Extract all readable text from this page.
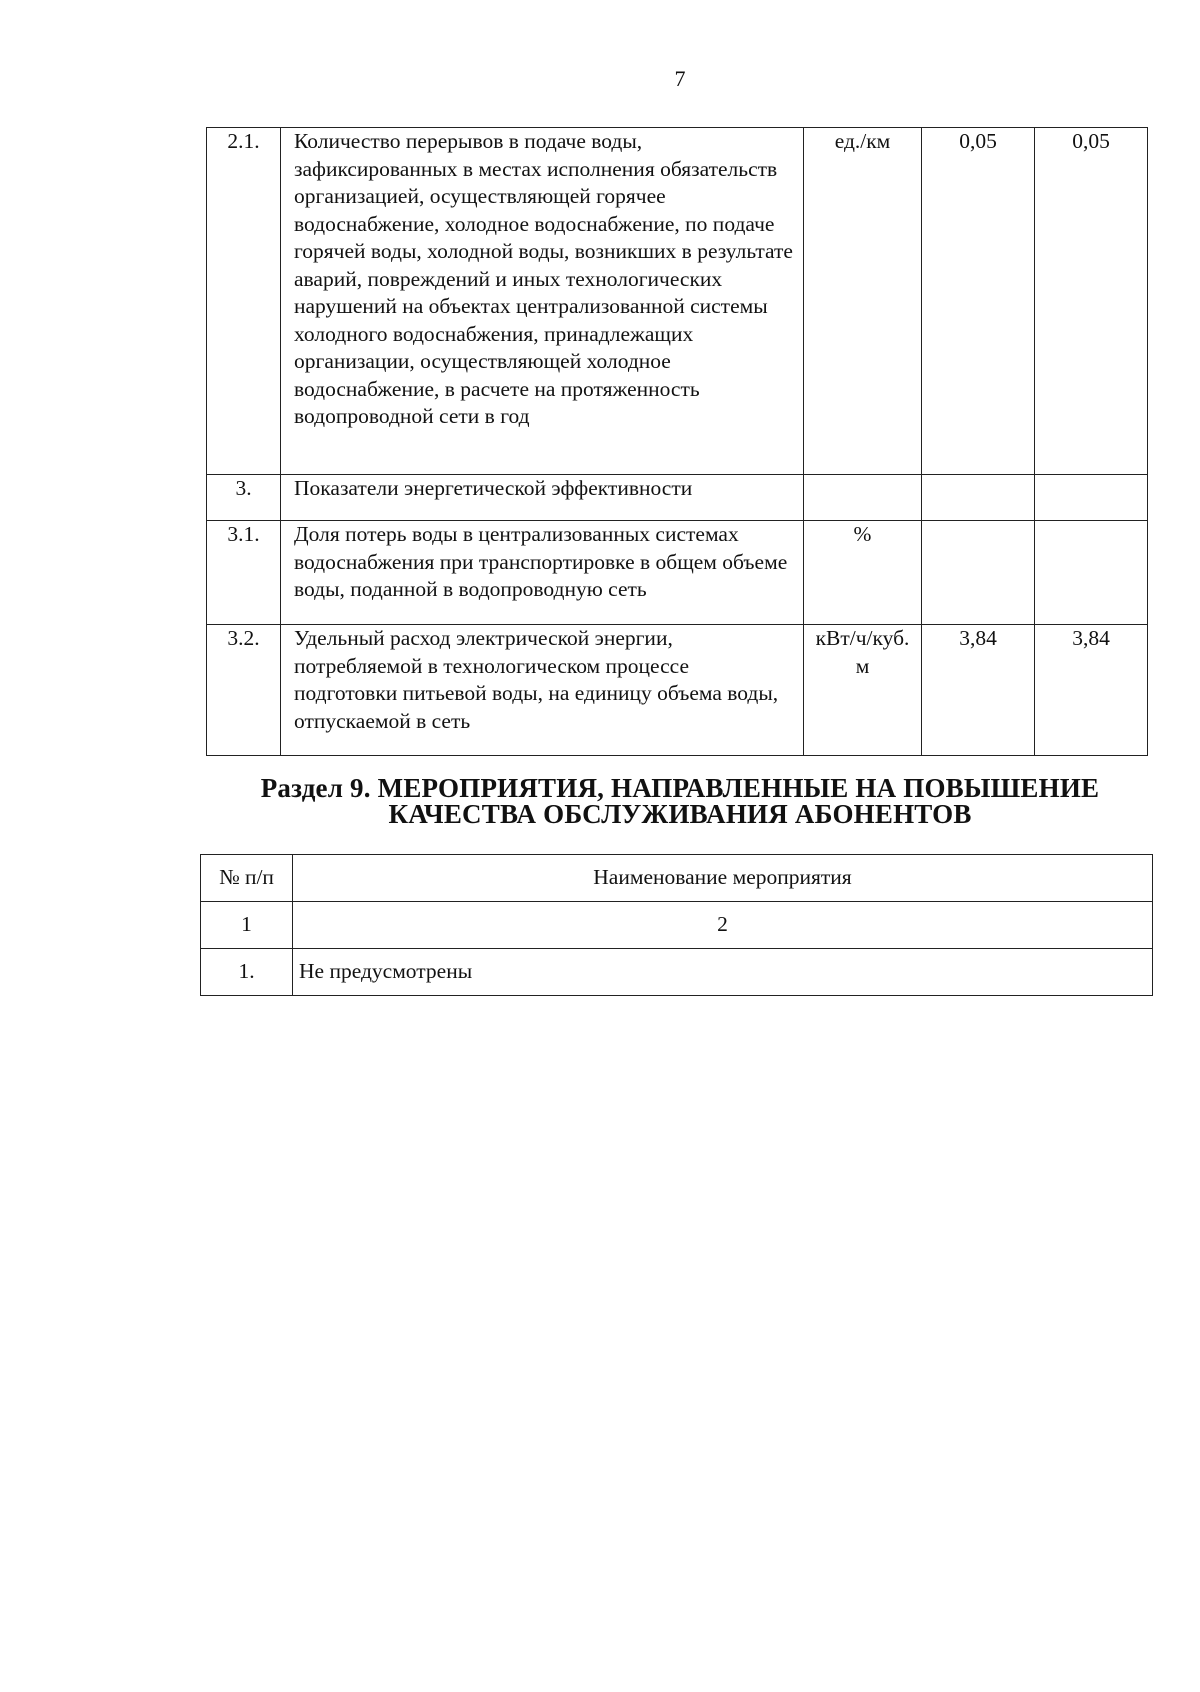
7
2.1.	Количество перерывов в подаче воды, зафиксированных в местах исполнения обязательств организацией, осуществляющей горячее водоснабжение, холодное водоснабжение, по подаче горячей воды, холодной воды, возникших в результате аварий, повреждений и иных технологических нарушений на объектах централизованной системы холодного водоснабжения, принадлежащих организации, осуществляющей холодное водоснабжение, в расчете на протяженность водопроводной сети в год	ед./км	0,05	0,05
3.	Показатели энергетической эффективности			
3.1.	Доля потерь воды в централизованных системах водоснабжения при транспортировке в общем объеме воды, поданной в водопроводную сеть	%		
3.2.	Удельный расход электрической энергии, потребляемой в технологическом процессе подготовки питьевой воды, на единицу объема воды, отпускаемой в сеть	кВт/ч/куб. м	3,84	3,84
Раздел 9. МЕРОПРИЯТИЯ, НАПРАВЛЕННЫЕ НА ПОВЫШЕНИЕ
КАЧЕСТВА ОБСЛУЖИВАНИЯ АБОНЕНТОВ
№ п/п	Наименование мероприятия
1	2
1.	Не предусмотрены
